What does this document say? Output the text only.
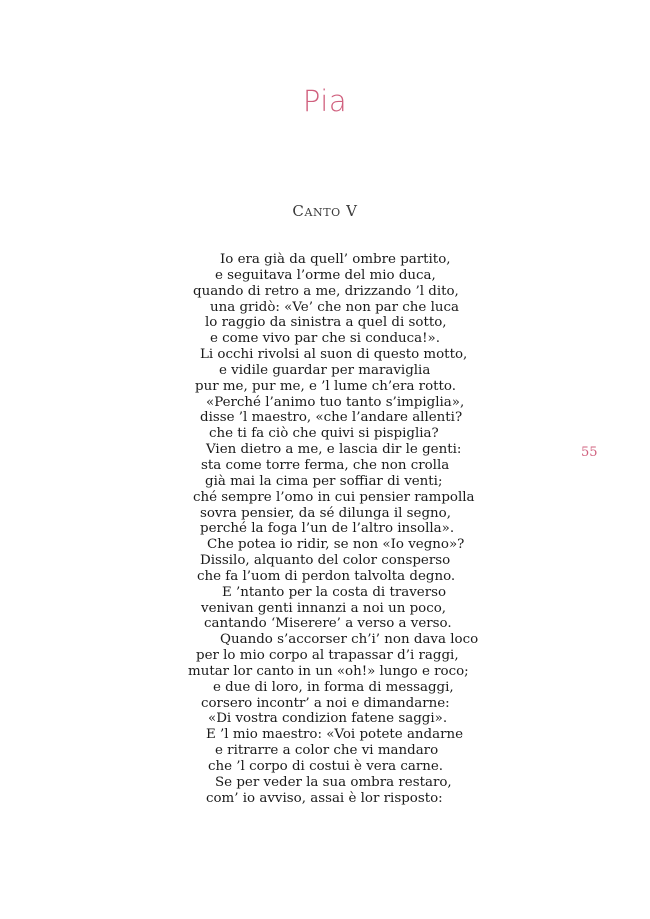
Pia
Canto V
Io era già da quell’ ombre partito,
e seguitava l’orme del mio duca,
quando di retro a me, drizzando ’l dito,
una gridò: «Ve’ che non par che luca
lo raggio da sinistra a quel di sotto,
e come vivo par che si conduca!».
Li occhi rivolsi al suon di questo motto,
e vidile guardar per maraviglia
pur me, pur me, e ’l lume ch’era rotto.
«Perché l’animo tuo tanto s’impiglia»,
disse ’l maestro, «che l’andare allenti?
che ti fa ciò che quivi si pispiglia?
Vien dietro a me, e lascia dir le genti:
sta come torre ferma, che non crolla
già mai la cima per soffiar di venti;
ché sempre l’omo in cui pensier rampolla
sovra pensier, da sé dilunga il segno,
perché la foga l’un de l’altro insolla».
Che potea io ridir, se non «Io vegno»?
Dissilo, alquanto del color consperso
che fa l’uom di perdon talvolta degno.
E ’ntanto per la costa di traverso
venivan genti innanzi a noi un poco,
cantando ‘Miserere’ a verso a verso.
Quando s’accorser ch’i’ non dava loco
per lo mio corpo al trapassar d’i raggi,
mutar lor canto in un «oh!» lungo e roco;
e due di loro, in forma di messaggi,
corsero incontr’ a noi e dimandarne:
«Di vostra condizion fatene saggi».
E ’l mio maestro: «Voi potete andarne
e ritrarre a color che vi mandaro
che ’l corpo di costui è vera carne.
Se per veder la sua ombra restaro,
com’ io avviso, assai è lor risposto:
55
